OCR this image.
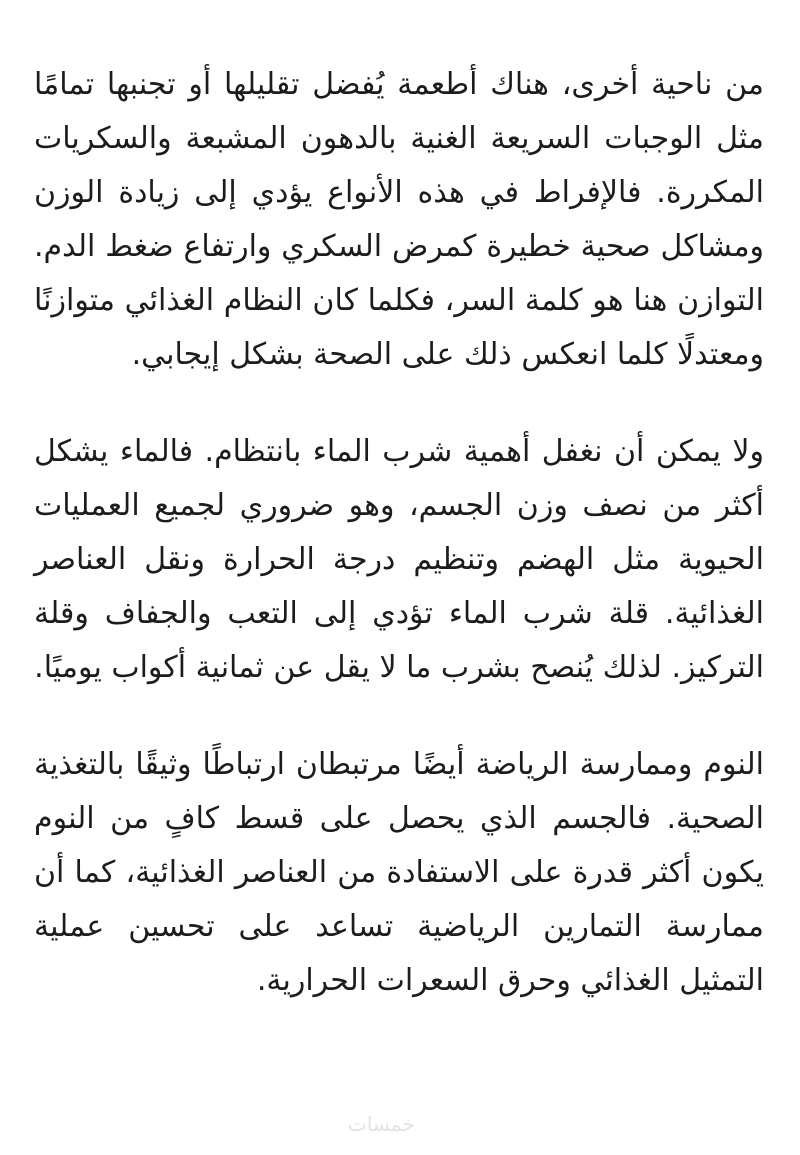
من ناحية أخرى، هناك أطعمة يُفضل تقليلها أو تجنبها تمامًا مثل الوجبات السريعة الغنية بالدهون المشبعة والسكريات المكررة. فالإفراط في هذه الأنواع يؤدي إلى زيادة الوزن ومشاكل صحية خطيرة كمرض السكري وارتفاع ضغط الدم. التوازن هنا هو كلمة السر، فكلما كان النظام الغذائي متوازنًا ومعتدلًا كلما انعكس ذلك على الصحة بشكل إيجابي.

ولا يمكن أن نغفل أهمية شرب الماء بانتظام. فالماء يشكل أكثر من نصف وزن الجسم، وهو ضروري لجميع العمليات الحيوية مثل الهضم وتنظيم درجة الحرارة ونقل العناصر الغذائية. قلة شرب الماء تؤدي إلى التعب والجفاف وقلة التركيز. لذلك يُنصح بشرب ما لا يقل عن ثمانية أكواب يوميًا.

النوم وممارسة الرياضة أيضًا مرتبطان ارتباطًا وثيقًا بالتغذية الصحية. فالجسم الذي يحصل على قسط كافٍ من النوم يكون أكثر قدرة على الاستفادة من العناصر الغذائية، كما أن ممارسة التمارين الرياضية تساعد على تحسين عملية التمثيل الغذائي وحرق السعرات الحرارية.

خمسات
